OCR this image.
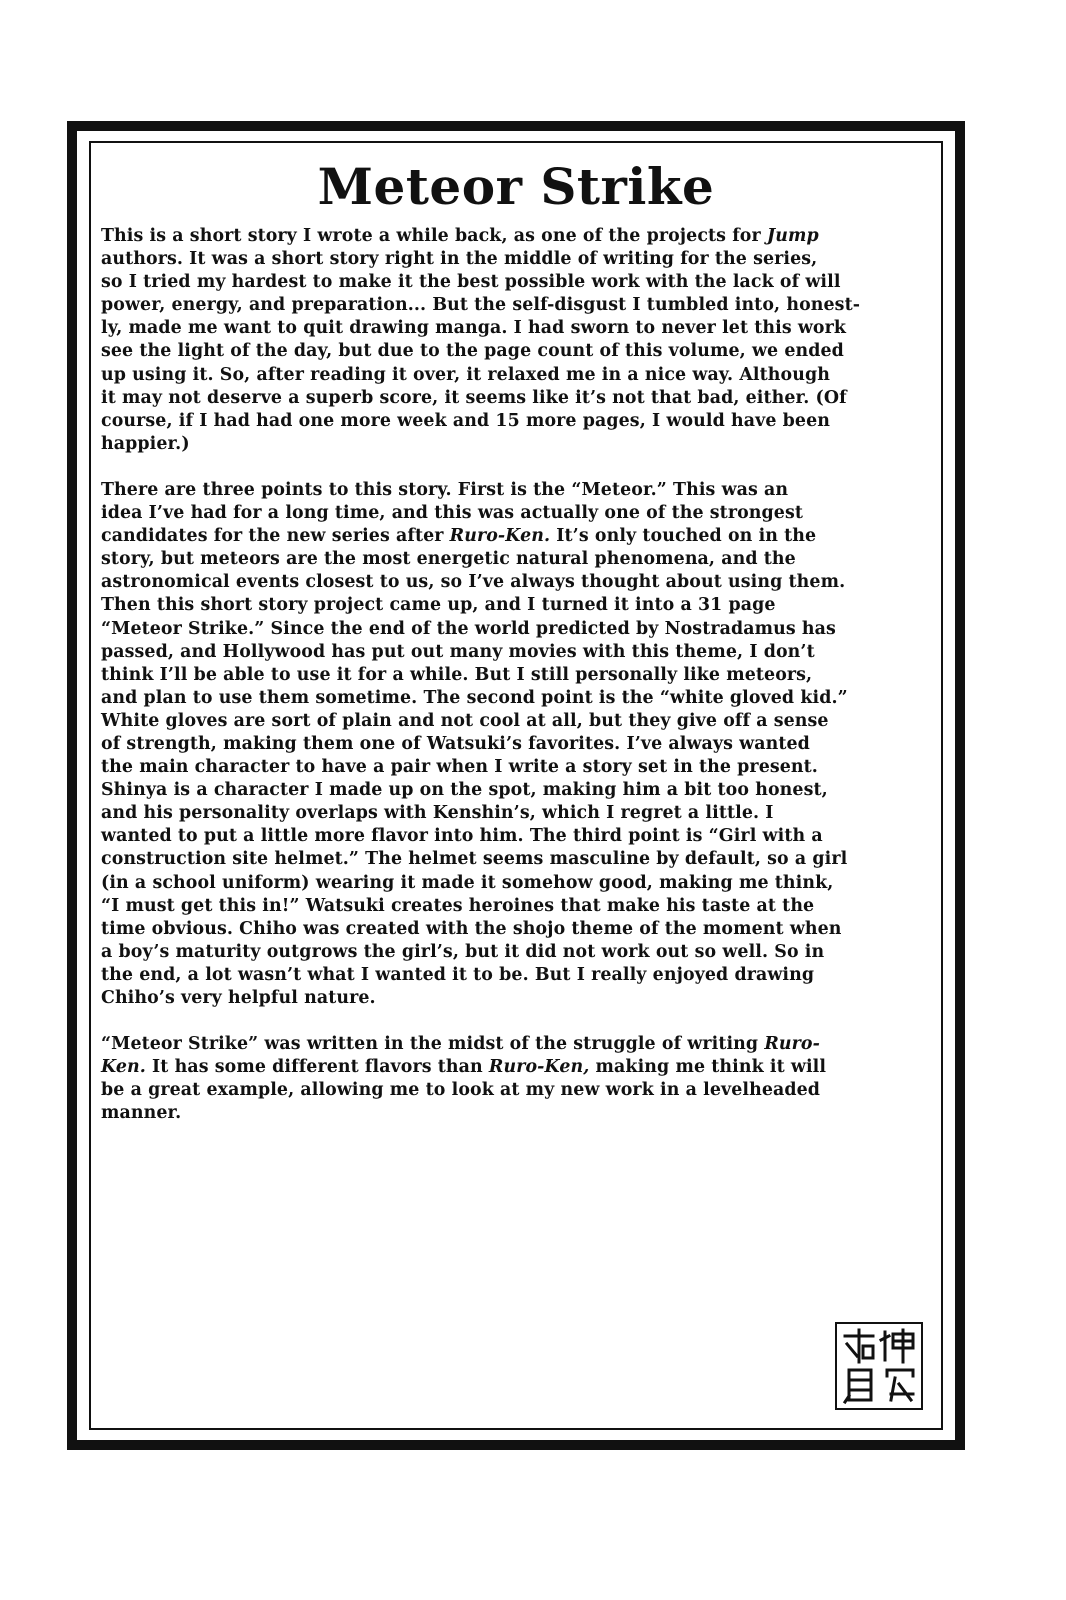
Meteor Strike
This is a short story I wrote a while back, as one of the projects for Jump
authors. It was a short story right in the middle of writing for the series,
so I tried my hardest to make it the best possible work with the lack of will
power, energy, and preparation... But the self-disgust I tumbled into, honest-
ly, made me want to quit drawing manga. I had sworn to never let this work
see the light of the day, but due to the page count of this volume, we ended
up using it. So, after reading it over, it relaxed me in a nice way. Although
it may not deserve a superb score, it seems like it’s not that bad, either. (Of
course, if I had had one more week and 15 more pages, I would have been
happier.)
There are three points to this story. First is the “Meteor.” This was an
idea I’ve had for a long time, and this was actually one of the strongest
candidates for the new series after Ruro-Ken. It’s only touched on in the
story, but meteors are the most energetic natural phenomena, and the
astronomical events closest to us, so I’ve always thought about using them.
Then this short story project came up, and I turned it into a 31 page
“Meteor Strike.” Since the end of the world predicted by Nostradamus has
passed, and Hollywood has put out many movies with this theme, I don’t
think I’ll be able to use it for a while. But I still personally like meteors,
and plan to use them sometime. The second point is the “white gloved kid.”
White gloves are sort of plain and not cool at all, but they give off a sense
of strength, making them one of Watsuki’s favorites. I’ve always wanted
the main character to have a pair when I write a story set in the present.
Shinya is a character I made up on the spot, making him a bit too honest,
and his personality overlaps with Kenshin’s, which I regret a little. I
wanted to put a little more flavor into him. The third point is “Girl with a
construction site helmet.” The helmet seems masculine by default, so a girl
(in a school uniform) wearing it made it somehow good, making me think,
“I must get this in!” Watsuki creates heroines that make his taste at the
time obvious. Chiho was created with the shojo theme of the moment when
a boy’s maturity outgrows the girl’s, but it did not work out so well. So in
the end, a lot wasn’t what I wanted it to be. But I really enjoyed drawing
Chiho’s very helpful nature.
“Meteor Strike” was written in the midst of the struggle of writing Ruro-
Ken. It has some different flavors than Ruro-Ken, making me think it will
be a great example, allowing me to look at my new work in a levelheaded
manner.
